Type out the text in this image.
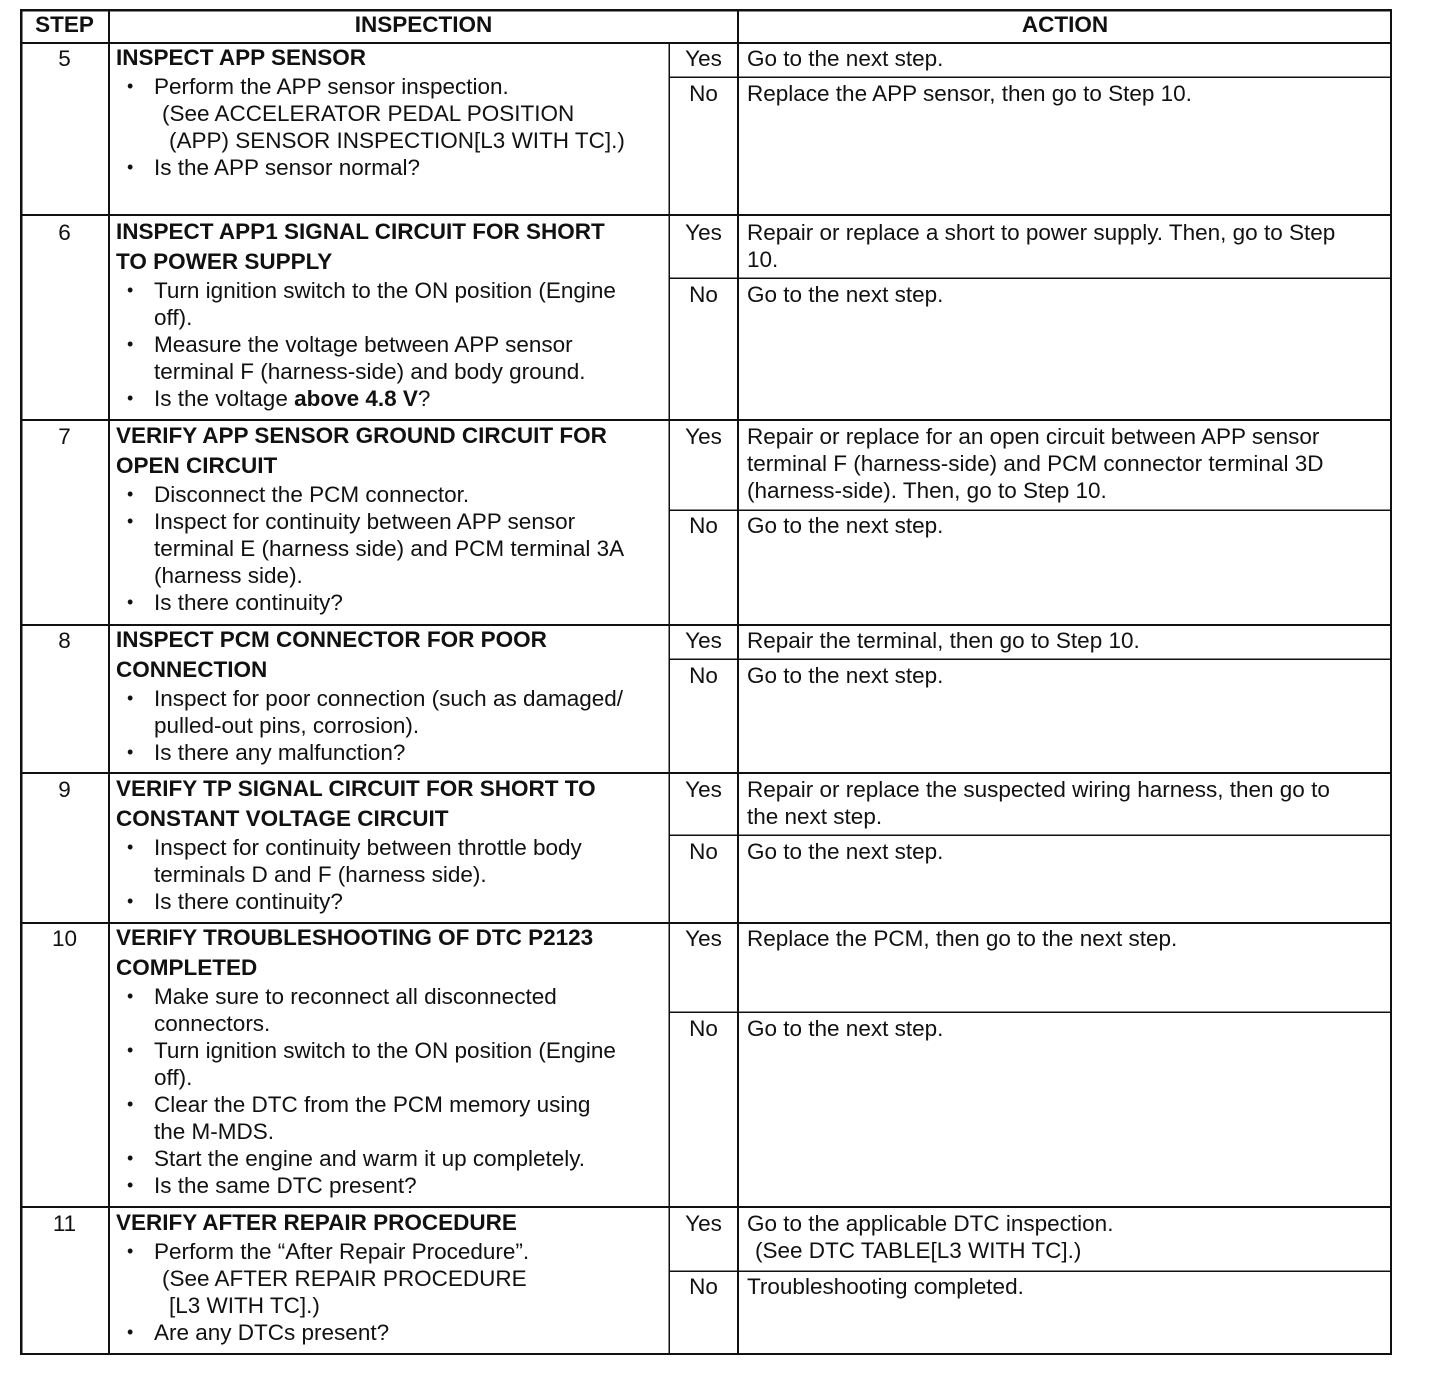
STEP	INSPECTION	ACTION
5	INSPECT APP SENSOR
• Perform the APP sensor inspection.
(See ACCELERATOR PEDAL POSITION
(APP) SENSOR INSPECTION[L3 WITH TC].)
• Is the APP sensor normal?
Yes	Go to the next step.
No	Replace the APP sensor, then go to Step 10.
6	INSPECT APP1 SIGNAL CIRCUIT FOR SHORT
TO POWER SUPPLY
• Turn ignition switch to the ON position (Engine
off).
• Measure the voltage between APP sensor
terminal F (harness-side) and body ground.
• Is the voltage above 4.8 V?
Yes	Repair or replace a short to power supply. Then, go to Step
10.
No	Go to the next step.
7	VERIFY APP SENSOR GROUND CIRCUIT FOR
OPEN CIRCUIT
• Disconnect the PCM connector.
• Inspect for continuity between APP sensor
terminal E (harness side) and PCM terminal 3A
(harness side).
• Is there continuity?
Yes	Repair or replace for an open circuit between APP sensor
terminal F (harness-side) and PCM connector terminal 3D
(harness-side). Then, go to Step 10.
No	Go to the next step.
8	INSPECT PCM CONNECTOR FOR POOR
CONNECTION
• Inspect for poor connection (such as damaged/
pulled-out pins, corrosion).
• Is there any malfunction?
Yes	Repair the terminal, then go to Step 10.
No	Go to the next step.
9	VERIFY TP SIGNAL CIRCUIT FOR SHORT TO
CONSTANT VOLTAGE CIRCUIT
• Inspect for continuity between throttle body
terminals D and F (harness side).
• Is there continuity?
Yes	Repair or replace the suspected wiring harness, then go to
the next step.
No	Go to the next step.
10	VERIFY TROUBLESHOOTING OF DTC P2123
COMPLETED
• Make sure to reconnect all disconnected
connectors.
• Turn ignition switch to the ON position (Engine
off).
• Clear the DTC from the PCM memory using
the M-MDS.
• Start the engine and warm it up completely.
• Is the same DTC present?
Yes	Replace the PCM, then go to the next step.
No	Go to the next step.
11	VERIFY AFTER REPAIR PROCEDURE
• Perform the “After Repair Procedure”.
(See AFTER REPAIR PROCEDURE
[L3 WITH TC].)
• Are any DTCs present?
Yes	Go to the applicable DTC inspection.
(See DTC TABLE[L3 WITH TC].)
No	Troubleshooting completed.
